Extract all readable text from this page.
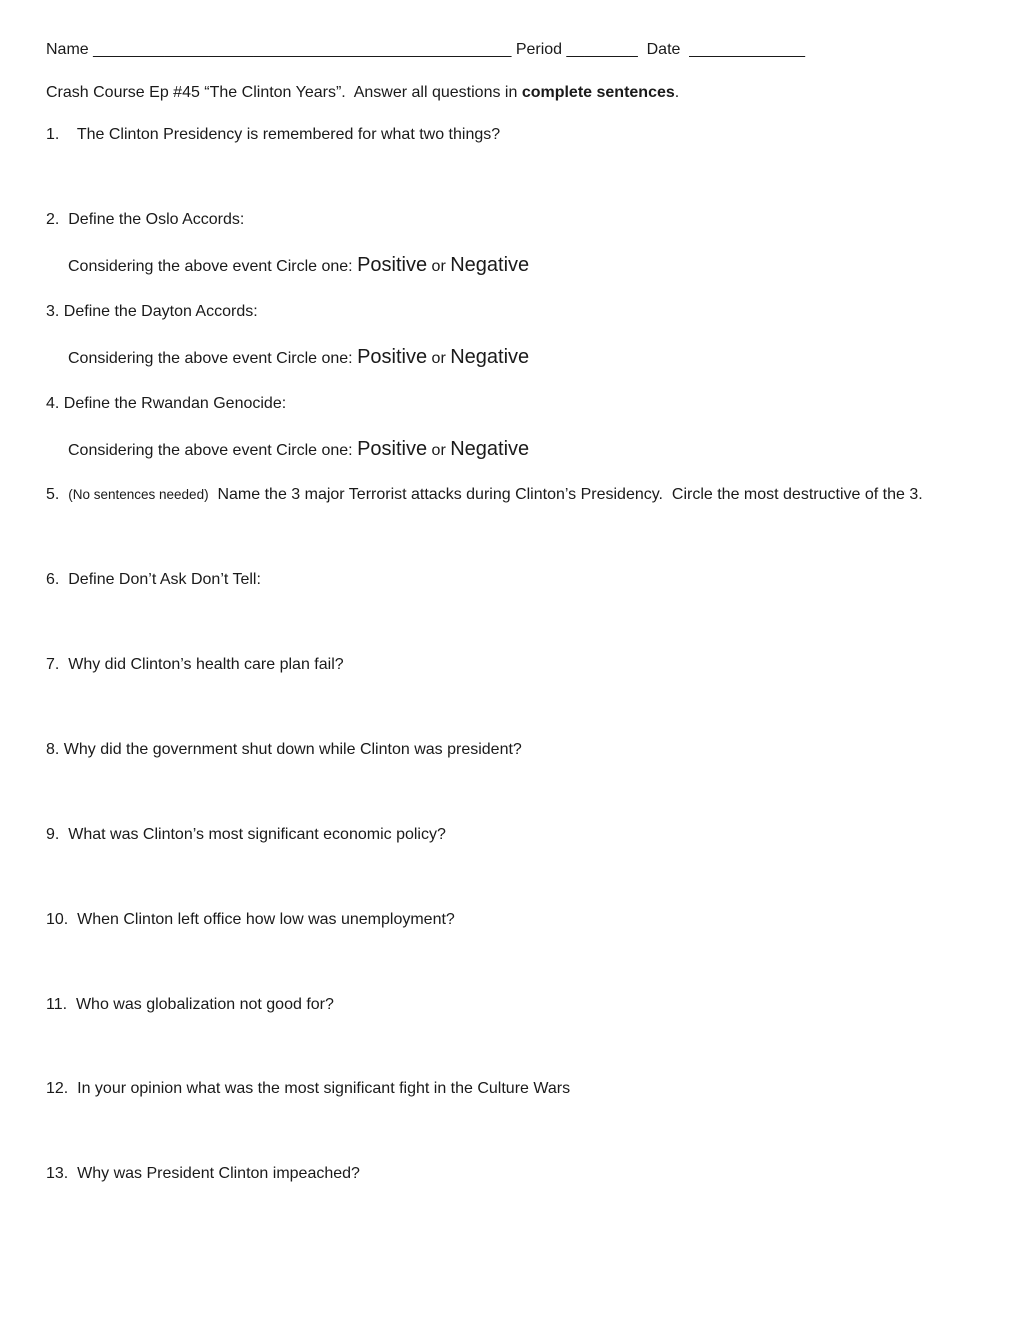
Name _______________________________________________ Period ________ Date _____________
Crash Course Ep #45 “The Clinton Years”.  Answer all questions in complete sentences.
1.    The Clinton Presidency is remembered for what two things?
2.  Define the Oslo Accords:
Considering the above event Circle one: Positive or Negative
3. Define the Dayton Accords:
Considering the above event Circle one: Positive or Negative
4. Define the Rwandan Genocide:
Considering the above event Circle one: Positive or Negative
5.  (No sentences needed)  Name the 3 major Terrorist attacks during Clinton’s Presidency.  Circle the most destructive of the 3.
6.  Define Don’t Ask Don’t Tell:
7.  Why did Clinton’s health care plan fail?
8. Why did the government shut down while Clinton was president?
9.  What was Clinton’s most significant economic policy?
10.  When Clinton left office how low was unemployment?
11.  Who was globalization not good for?
12.  In your opinion what was the most significant fight in the Culture Wars
13.  Why was President Clinton impeached?
